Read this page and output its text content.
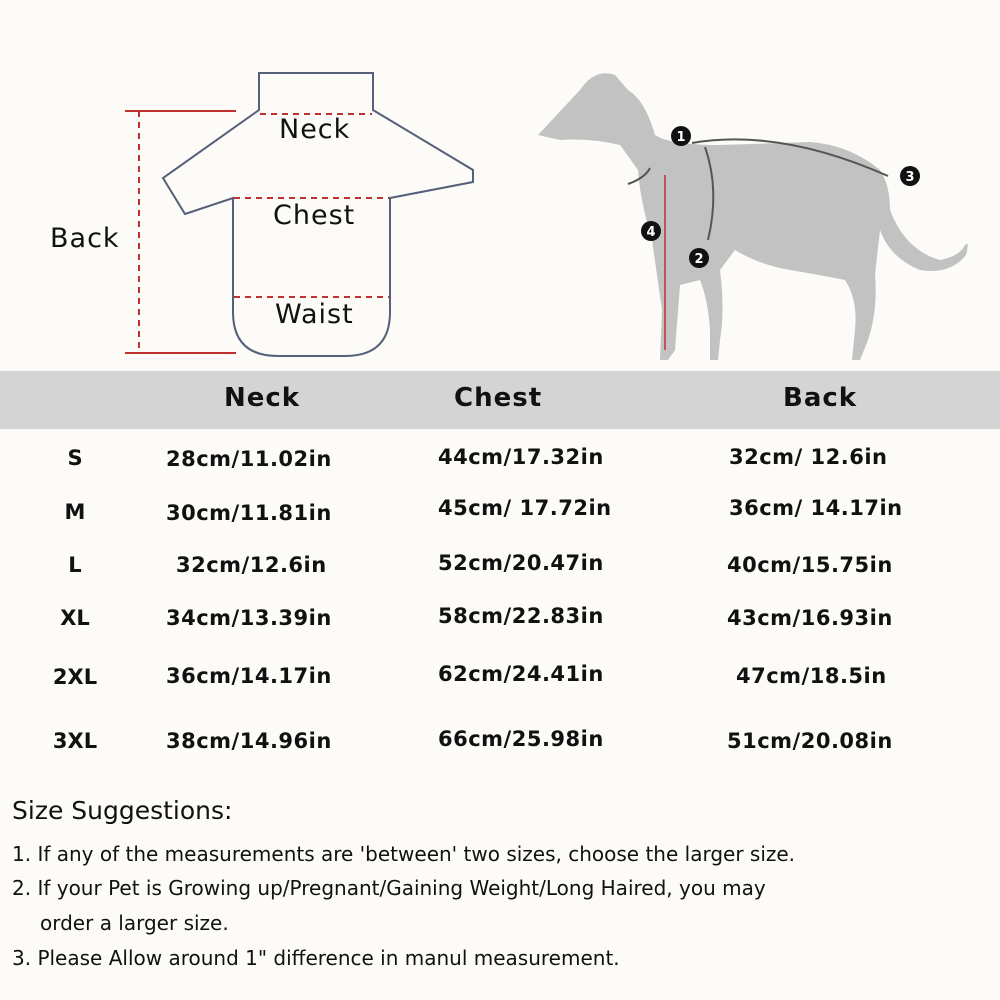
Neck
Chest
Waist
Back
1
2
3
4
Neck	Chest	Back
S	28cm/11.02in	44cm/17.32in	32cm/ 12.6in
M	30cm/11.81in	45cm/ 17.72in	36cm/ 14.17in
L	32cm/12.6in	52cm/20.47in	40cm/15.75in
XL	34cm/13.39in	58cm/22.83in	43cm/16.93in
2XL	36cm/14.17in	62cm/24.41in	47cm/18.5in
3XL	38cm/14.96in	66cm/25.98in	51cm/20.08in
Size Suggestions:
1. If any of the measurements are 'between' two sizes, choose the larger size.
2. If your Pet is Growing up/Pregnant/Gaining Weight/Long Haired, you may
order a larger size.
3. Please Allow around 1" difference in manul measurement.
